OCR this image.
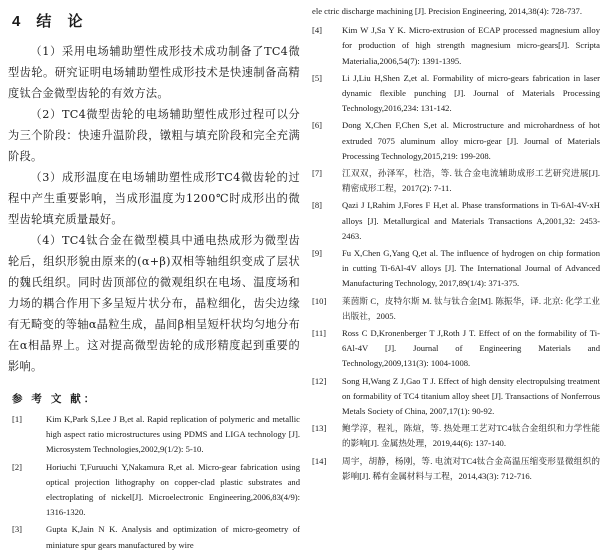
4 结 论

（1）采用电场辅助塑性成形技术成功制备了TC4微型齿轮。研究证明电场辅助塑性成形技术是快速制备高精度钛合金微型齿轮的有效方法。

（2）TC4微型齿轮的电场辅助塑性成形过程可以分为三个阶段：快速升温阶段，镦粗与填充阶段和完全充满阶段。

（3）成形温度在电场辅助塑性成形TC4微齿轮的过程中产生重要影响，当成形温度为1200℃时成形出的微型齿轮填充质量最好。

（4）TC4钛合金在微型模具中通电热成形为微型齿轮后，组织形貌由原来的(α+β)双相等轴组织变成了层状的魏氏组织。同时齿顶部位的微观组织在电场、温度场和力场的耦合作用下多呈短片状分布，晶粒细化，齿尖边缘有无畸变的等轴α晶粒生成，晶间β相呈短杆状均匀地分布在α相晶界上。这对提高微型齿轮的成形精度起到重要的影响。

参 考 文 献：
[1]	Kim K,Park S,Lee J B,et al. Rapid replication of polymeric and metallic high aspect ratio microstructures using PDMS and LIGA technology [J]. Microsystem Technologies,2002,9(1/2): 5-10.
[2]	Horiuchi T,Furuuchi Y,Nakamura R,et al. Micro-gear fabrication using optical projection lithography on copper-clad plastic substrates and electroplating of nickel[J]. Microelectronic Engineering,2006,83(4/9): 1316-1320.
[3]	Gupta K,Jain N K. Analysis and optimization of micro-geometry of miniature spur gears manufactured by wire
ele ctric discharge machining [J]. Precision Engineering, 2014,38(4): 728-737.
[4]	Kim W J,Sa Y K. Micro-extrusion of ECAP processed magnesium alloy for production of high strength magnesium micro-gears[J]. Scripta Materialia,2006,54(7): 1391-1395.
[5]	Li J,Liu H,Shen Z,et al. Formability of micro-gears fabrication in laser dynamic flexible punching [J]. Journal of Materials Processing Technology,2016,234: 131-142.
[6]	Dong X,Chen F,Chen S,et al. Microstructure and microhardness of hot extruded 7075 aluminum alloy micro-gear [J]. Journal of Materials Processing Technology,2015,219: 199-208.
[7]	江双双，孙泽军，杜浩，等. 钛合金电流辅助成形工艺研究进展[J]. 精密成形工程，2017(2): 7-11.
[8]	Qazi J I,Rahim J,Fores F H,et al. Phase transformations in Ti-6Al-4V-xH alloys [J]. Metallurgical and Materials Transactions A,2001,32: 2453-2463.
[9]	Fu X,Chen G,Yang Q,et al. The influence of hydrogen on chip formation in cutting Ti-6Al-4V alloys [J]. The International Journal of Advanced Manufacturing Technology, 2017,89(1/4): 371-375.
[10]	莱茵斯 C，皮特尔斯 M. 钛与钛合金[M]. 陈振华，译. 北京: 化学工业出版社，2005.
[11]	Ross C D,Kronenberger T J,Roth J T. Effect of on the formability of Ti-6Al-4V [J]. Journal of Engineering Materials and Technology,2009,131(3): 1004-1008.
[12]	Song H,Wang Z J,Gao T J. Effect of high density electropulsing treatment on formability of TC4 titanium alloy sheet [J]. Transactions of Nonferrous Metals Society of China, 2007,17(1): 90-92.
[13]	鲍学淳，程礼，陈煊，等. 热处理工艺对TC4钛合金组织和力学性能的影响[J]. 金属热处理，2019,44(6): 137-140.
[14]	周宇，胡静，杨刚，等. 电流对TC4钛合金高温压缩变形显微组织的影响[J]. 稀有金属材料与工程，2014,43(3): 712-716.
